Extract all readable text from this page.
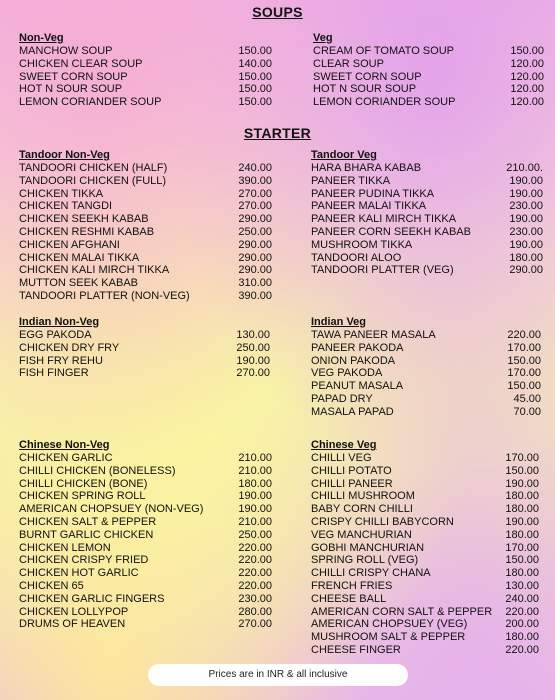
SOUPS
Non-Veg
MANCHOW SOUP	150.00
CHICKEN CLEAR SOUP	140.00
SWEET CORN SOUP	150.00
HOT N SOUR SOUP	150.00
LEMON CORIANDER SOUP	150.00
Veg
CREAM OF TOMATO SOUP	150.00
CLEAR SOUP	120.00
SWEET CORN SOUP	120.00
HOT N SOUR SOUP	120.00
LEMON CORIANDER SOUP	120.00
STARTER
Tandoor Non-Veg
TANDOORI CHICKEN (HALF)	240.00
TANDOORI CHICKEN (FULL)	390.00
CHICKEN TIKKA	270.00
CHICKEN TANGDI	270.00
CHICKEN SEEKH KABAB	290.00
CHICKEN RESHMI KABAB	250.00
CHICKEN AFGHANI	290.00
CHICKEN MALAI TIKKA	290.00
CHICKEN KALI MIRCH TIKKA	290.00
MUTTON SEEK KABAB	310.00
TANDOORI PLATTER (NON-VEG)	390.00
Tandoor Veg
HARA BHARA KABAB	210.00.
PANEER TIKKA	190.00
PANEER PUDINA TIKKA	190.00
PANEER MALAI TIKKA	230.00
PANEER KALI MIRCH TIKKA	190.00
PANEER CORN SEEKH KABAB	230.00
MUSHROOM TIKKA	190.00
TANDOORI ALOO	180.00
TANDOORI PLATTER (VEG)	290.00
Indian Non-Veg
EGG PAKODA	130.00
CHICKEN DRY FRY	250.00
FISH FRY REHU	190.00
FISH FINGER	270.00
Indian Veg
TAWA PANEER MASALA	220.00
PANEER PAKODA	170.00
ONION PAKODA	150.00
VEG PAKODA	170.00
PEANUT MASALA	150.00
PAPAD DRY	45.00
MASALA PAPAD	70.00
Chinese Non-Veg
CHICKEN GARLIC	210.00
CHILLI CHICKEN (BONELESS)	210.00
CHILLI CHICKEN (BONE)	180.00
CHICKEN SPRING ROLL	190.00
AMERICAN CHOPSUEY (NON-VEG)	190.00
CHICKEN SALT & PEPPER	210.00
BURNT GARLIC CHICKEN	250.00
CHICKEN LEMON	220.00
CHICKEN CRISPY FRIED	220.00
CHICKEN HOT GARLIC	220.00
CHICKEN 65	220.00
CHICKEN GARLIC FINGERS	230.00
CHICKEN LOLLYPOP	280.00
DRUMS OF HEAVEN	270.00
Chinese Veg
CHILLI VEG	170.00
CHILLI POTATO	150.00
CHILLI PANEER	190.00
CHILLI MUSHROOM	180.00
BABY CORN CHILLI	180.00
CRISPY CHILLI BABYCORN	190.00
VEG MANCHURIAN	180.00
GOBHI MANCHURIAN	170.00
SPRING ROLL (VEG)	150.00
CHILLI CRISPY CHANA	180.00
FRENCH FRIES	130.00
CHEESE BALL	240.00
AMERICAN CORN SALT & PEPPER 220.00
AMERICAN CHOPSUEY (VEG)	200.00
MUSHROOM SALT & PEPPER	180.00
CHEESE FINGER	220.00
Prices are in INR & all inclusive
